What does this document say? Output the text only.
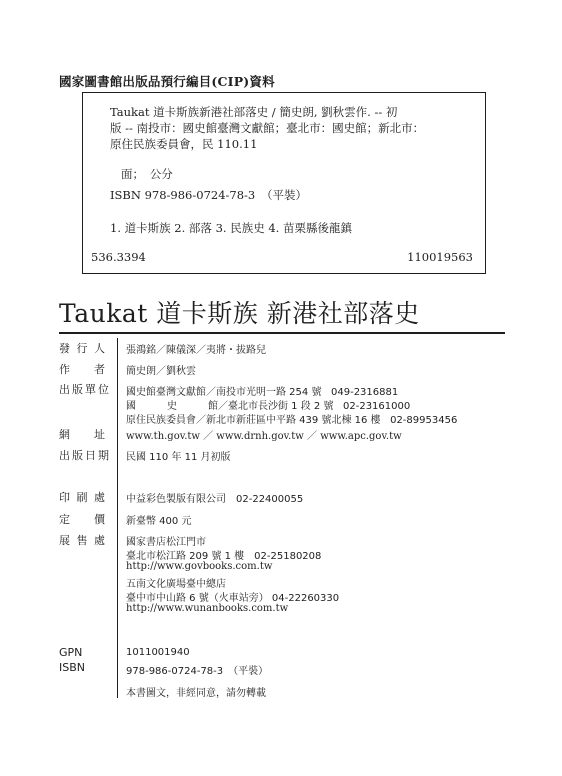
國家圖書館出版品預行編目(CIP)資料
Taukat 道卡斯族新港社部落史 / 簡史朗, 劉秋雲作. -- 初
版 -- 南投市：國史館臺灣文獻館；臺北市：國史館；新北市：
原住民族委員會，民 110.11
面；　公分
ISBN 978-986-0724-78-3　（平裝）
1. 道卡斯族 2. 部落 3. 民族史 4. 苗栗縣後龍鎮
536.3394	110019563
Taukat 道卡斯族 新港社部落史
發行人 張鴻銘／陳儀深／夷將・拔路兒
作者 簡史朗／劉秋雲
出版單位 國史館臺灣文獻館／南投市光明一路 254 號 049-2316881
國史館／臺北市長沙街 1 段 2 號 02-23161000
原住民族委員會／新北市新莊區中平路 439 號北棟 16 樓 02-89953456
網址 www.th.gov.tw ／ www.drnh.gov.tw ／ www.apc.gov.tw
出版日期 民國 110 年 11 月初版
印刷處 中益彩色製版有限公司　02-22400055
定價 新臺幣 400 元
展售處 國家書店松江門市
臺北市松江路 209 號 1 樓　02-25180208
http://www.govbooks.com.tw
五南文化廣場臺中總店
臺中市中山路 6 號（火車站旁） 04-22260330
http://www.wunanbooks.com.tw
GPN	1011001940
ISBN	978-986-0724-78-3　（平裝）
本書圖文，非經同意，請勿轉載
